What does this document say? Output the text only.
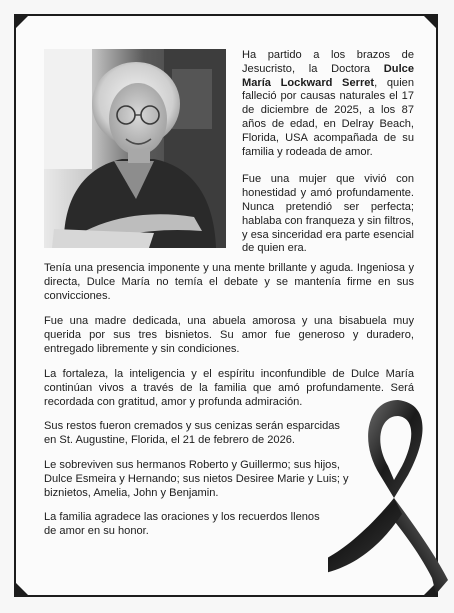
Ha partido a los brazos de Jesucristo, la Doctora Dulce María Lockward Serret, quien falleció por causas naturales el 17 de diciembre de 2025, a los 87 años de edad, en Delray Beach, Florida, USA acompañada de su familia y rodeada de amor.

Fue una mujer que vivió con honestidad y amó profundamente. Nunca pretendió ser perfecta; hablaba con franqueza y sin filtros, y esa sinceridad era parte esencial de quien era.

Tenía una presencia imponente y una mente brillante y aguda. Ingeniosa y directa, Dulce María no temía el debate y se mantenía firme en sus convicciones.

Fue una madre dedicada, una abuela amorosa y una bisabuela muy querida por sus tres bisnietos. Su amor fue generoso y duradero, entregado libremente y sin condiciones.

La fortaleza, la inteligencia y el espíritu inconfundible de Dulce María continúan vivos a través de la familia que amó profundamente. Será recordada con gratitud, amor y profunda admiración.

Sus restos fueron cremados y sus cenizas serán esparcidas en St. Augustine, Florida, el 21 de febrero de 2026.

Le sobreviven sus hermanos Roberto y Guillermo; sus hijos, Dulce Esmeira y Hernando; sus nietos Desiree Marie y Luis; y biznietos, Amelia, John y Benjamin.

La familia agradece las oraciones y los recuerdos llenos de amor en su honor.
